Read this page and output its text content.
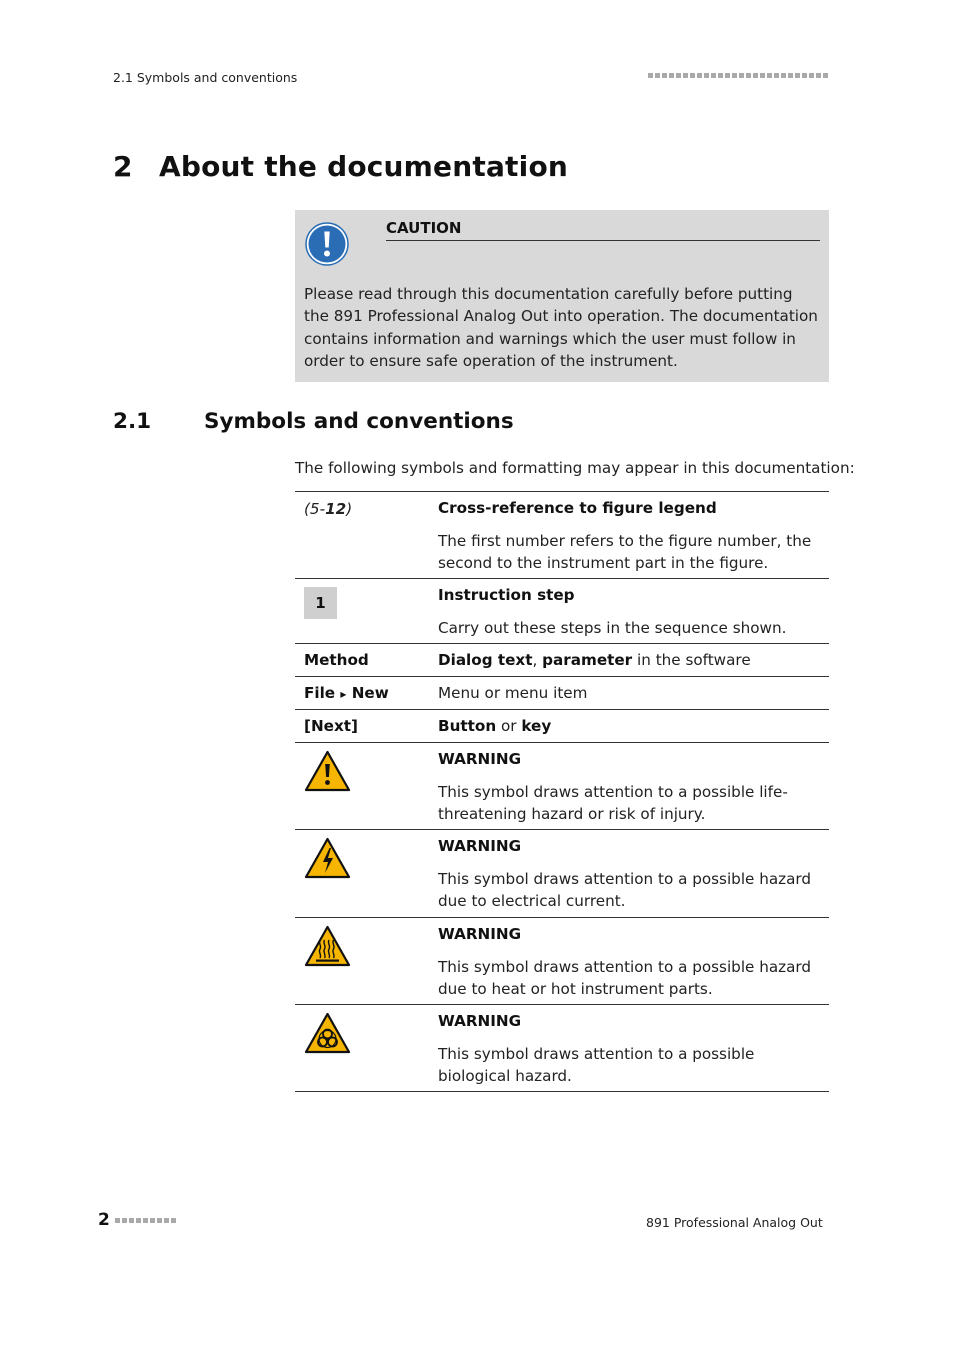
2.1 Symbols and conventions
2 About the documentation
CAUTION
Please read through this documentation carefully before putting the 891 Professional Analog Out into operation. The documentation contains information and warnings which the user must follow in order to ensure safe operation of the instrument.
2.1 Symbols and conventions
The following symbols and formatting may appear in this documentation:
(5-12)	Cross-reference to figure legend
The first number refers to the figure number, the second to the instrument part in the figure.
1	Instruction step
Carry out these steps in the sequence shown.
Method	Dialog text, parameter in the software
File ▸ New	Menu or menu item
[Next]	Button or key
WARNING
This symbol draws attention to a possible life-threatening hazard or risk of injury.
WARNING
This symbol draws attention to a possible hazard due to electrical current.
WARNING
This symbol draws attention to a possible hazard due to heat or hot instrument parts.
WARNING
This symbol draws attention to a possible biological hazard.
2	891 Professional Analog Out
